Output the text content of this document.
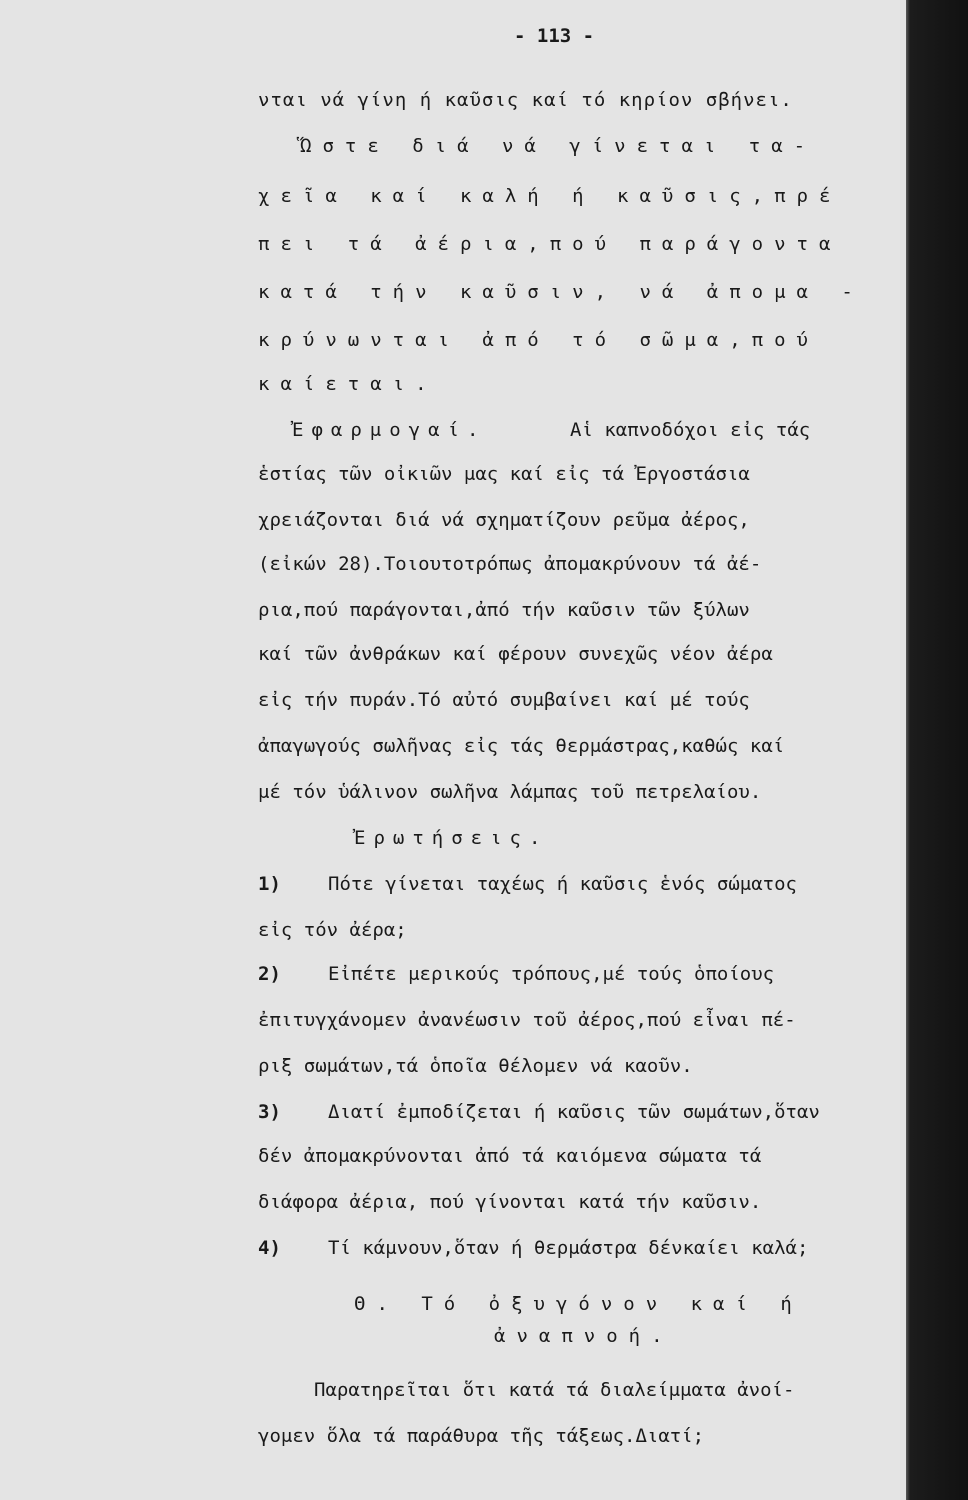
- 113 -
νται νά γίνη ή καῦσις καί τό κηρίον σβήνει.
Ὥστε διά νά γίνεται τα-
χεῖα καί καλή ή καῦσις,πρέ
πει τά ἀέρια,πού παράγοντα
κατά τήν καῦσιν, νά ἀπομα -
κρύνωνται ἀπό τό σῶμα,πού
καίεται.
Ἐφαρμογαί.	Αἱ καπνοδόχοι εἰς τάς
ἑστίας τῶν οἰκιῶν μας καί εἰς τά Ἐργοστάσια
χρειάζονται διά νά σχηματίζουν ρεῦμα ἀέρος,
(εἰκών 28).Τοιουτοτρόπως ἀπομακρύνουν τά ἀέ-
ρια,πού παράγονται,ἀπό τήν καῦσιν τῶν ξύλων
καί τῶν ἀνθράκων καί φέρουν συνεχῶς νέον ἀέρα
εἰς τήν πυράν.Τό αὐτό συμβαίνει καί μέ τούς
ἀπαγωγούς σωλῆνας εἰς τάς θερμάστρας,καθώς καί
μέ τόν ὑάλινον σωλῆνα λάμπας τοῦ πετρελαίου.
Ἐρωτήσεις.
1) Πότε γίνεται ταχέως ή καῦσις ἑνός σώματος
εἰς τόν ἀέρα;
2) Εἰπέτε μερικούς τρόπους,μέ τούς ὁποίους
ἐπιτυγχάνομεν ἀνανέωσιν τοῦ ἀέρος,πού εἶναι πέ-
ριξ σωμάτων,τά ὁποῖα θέλομεν νά καοῦν.
3) Διατί ἐμποδίζεται ή καῦσις τῶν σωμάτων,ὅταν
δέν ἀπομακρύνονται ἀπό τά καιόμενα σώματα τά
διάφορα ἀέρια, πού γίνονται κατά τήν καῦσιν.
4) Τί κάμνουν,ὅταν ή θερμάστρα δένκαίει καλά;
Θ. Τό ὀξυγόνον καί ή
ἀναπνοή.
Παρατηρεῖται ὅτι κατά τά διαλείμματα ἀνοί-
γομεν ὅλα τά παράθυρα τῆς τάξεως.Διατί;
